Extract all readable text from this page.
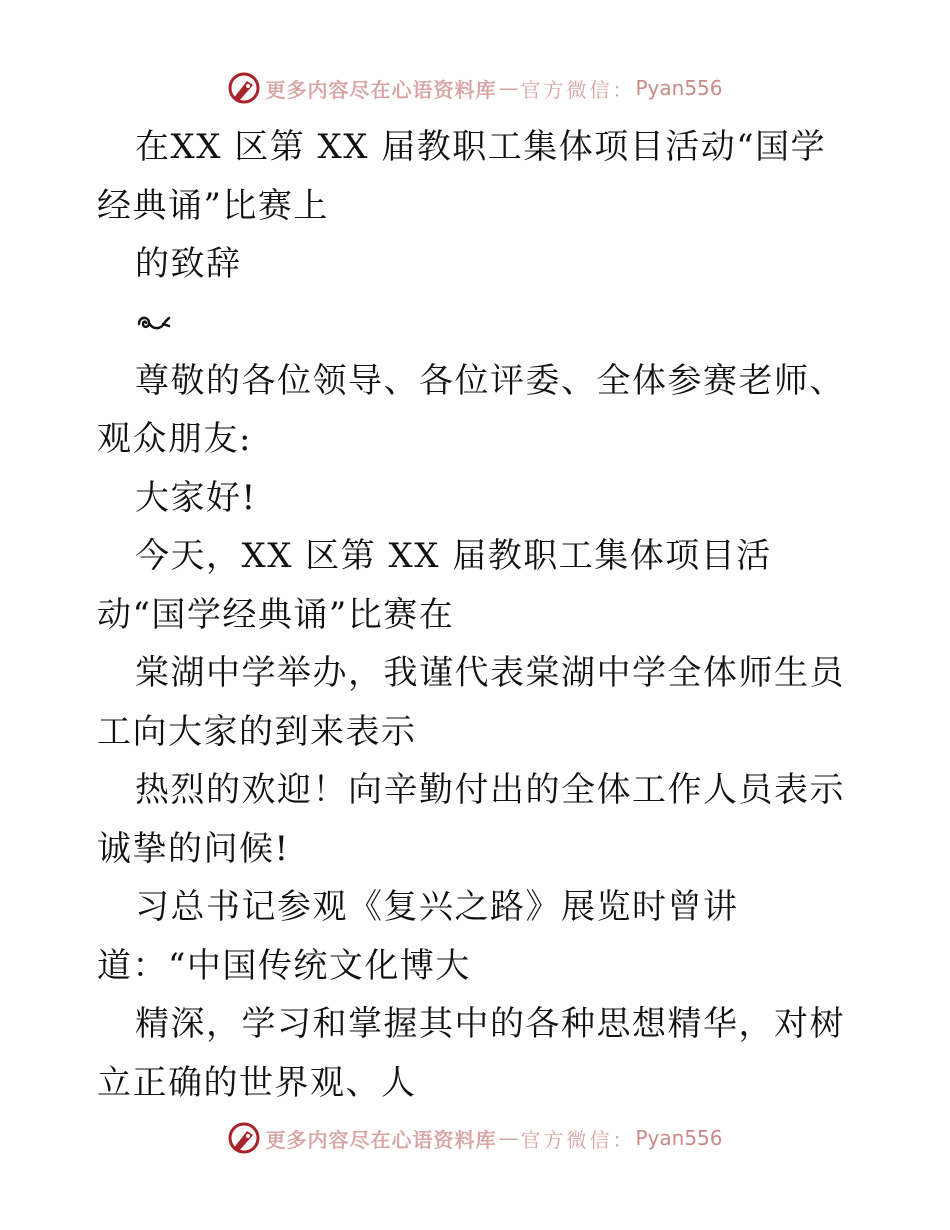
更多内容尽在心语资料库 — 官方微信： Pyan556

在XX 区第 XX 届教职工集体项目活动“国学经典诵”比赛上

的致辞

尊敬的各位领导、各位评委、全体参赛老师、观众朋友:

大家好!

今天，XX 区第 XX 届教职工集体项目活动“国学经典诵”比赛在

棠湖中学举办，我谨代表棠湖中学全体师生员工向大家的到来表示

热烈的欢迎！向辛勤付出的全体工作人员表示诚挚的问候!

习总书记参观《复兴之路》展览时曾讲道：“中国传统文化博大

精深，学习和掌握其中的各种思想精华，对树立正确的世界观、人

更多内容尽在心语资料库 — 官方微信： Pyan556
